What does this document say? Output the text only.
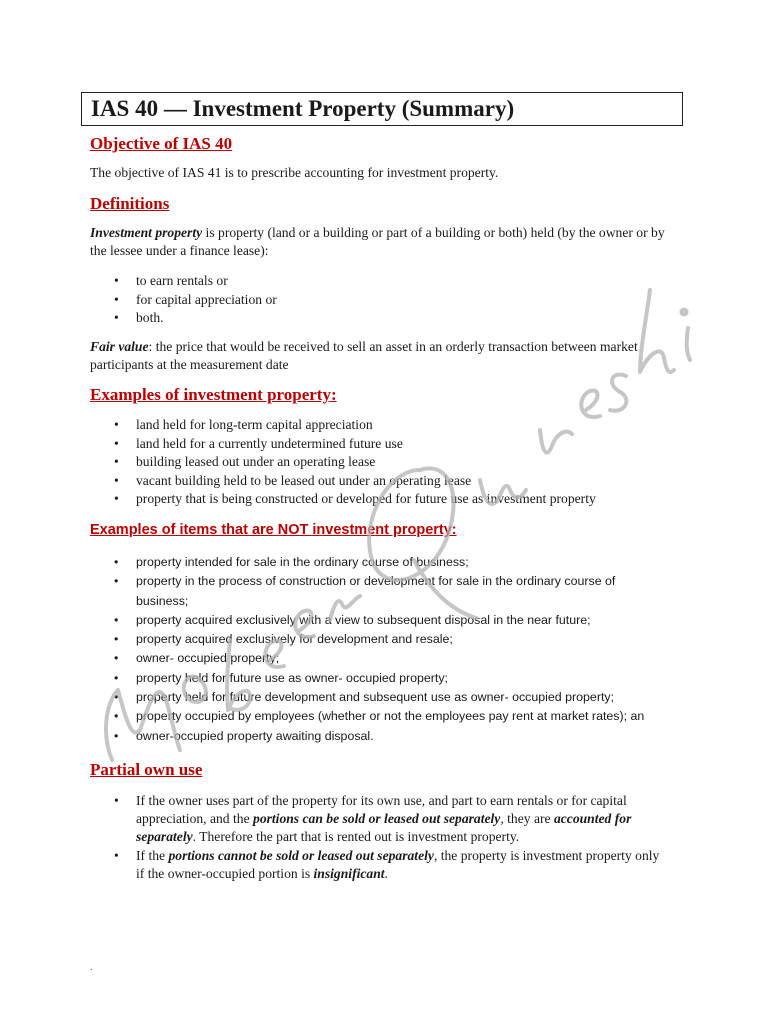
IAS 40 — Investment Property (Summary)
Objective of IAS 40

The objective of IAS 41 is to prescribe accounting for investment property.

Definitions

Investment property is property (land or a building or part of a building or both) held (by the owner or by the lessee under a finance lease):

• to earn rentals or
• for capital appreciation or
• both.

Fair value: the price that would be received to sell an asset in an orderly transaction between market participants at the measurement date

Examples of investment property:
• land held for long-term capital appreciation
• land held for a currently undetermined future use
• building leased out under an operating lease
• vacant building held to be leased out under an operating lease
• property that is being constructed or developed for future use as investment property
Examples of items that are NOT investment property:
• property intended for sale in the ordinary course of business;
• property in the process of construction or development for sale in the ordinary course of business;
• property acquired exclusively with a view to subsequent disposal in the near future;
• property acquired exclusively for development and resale;
• owner- occupied property;
• property held for future use as owner- occupied property;
• property held for future development and subsequent use as owner- occupied property;
• property occupied by employees (whether or not the employees pay rent at market rates); an
• owner-occupied property awaiting disposal.
Partial own use
• If the owner uses part of the property for its own use, and part to earn rentals or for capital appreciation, and the portions can be sold or leased out separately, they are accounted for separately. Therefore the part that is rented out is investment property.
• If the portions cannot be sold or leased out separately, the property is investment property only if the owner-occupied portion is insignificant.
.
